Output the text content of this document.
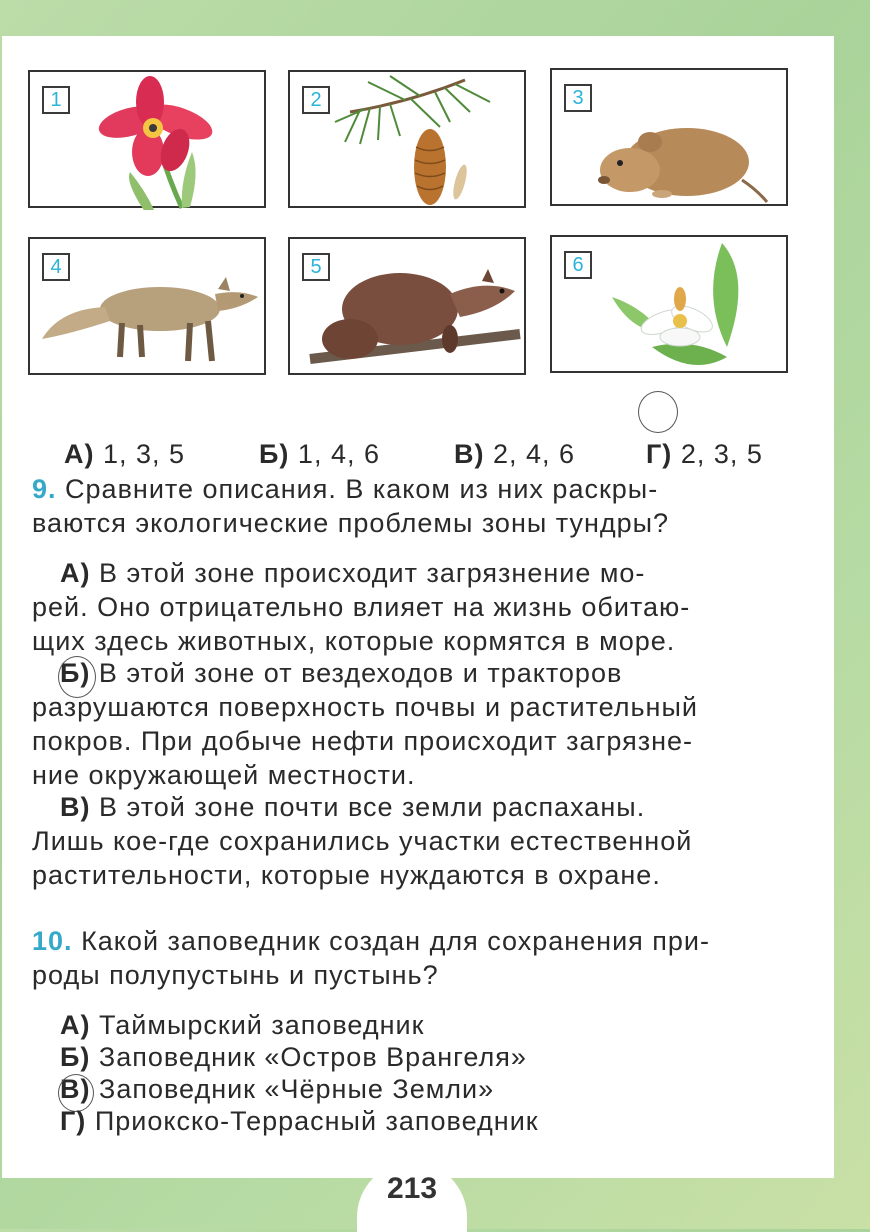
1	2	3
4	5	6
А) 1, 3, 5	Б) 1, 4, 6	В) 2, 4, 6	Г) 2, 3, 5
9. Сравните описания. В каком из них раскры-
ваются экологические проблемы зоны тундры?
А) В этой зоне происходит загрязнение мо-
рей. Оно отрицательно влияет на жизнь обитаю-
щих здесь животных, которые кормятся в море.
Б) В этой зоне от вездеходов и тракторов
разрушаются поверхность почвы и растительный
покров. При добыче нефти происходит загрязне-
ние окружающей местности.
В) В этой зоне почти все земли распаханы.
Лишь кое-где сохранились участки естественной
растительности, которые нуждаются в охране.
10. Какой заповедник создан для сохранения при-
роды полупустынь и пустынь?
А) Таймырский заповедник
Б) Заповедник «Остров Врангеля»
В) Заповедник «Чёрные Земли»
Г) Приокско-Террасный заповедник
213
